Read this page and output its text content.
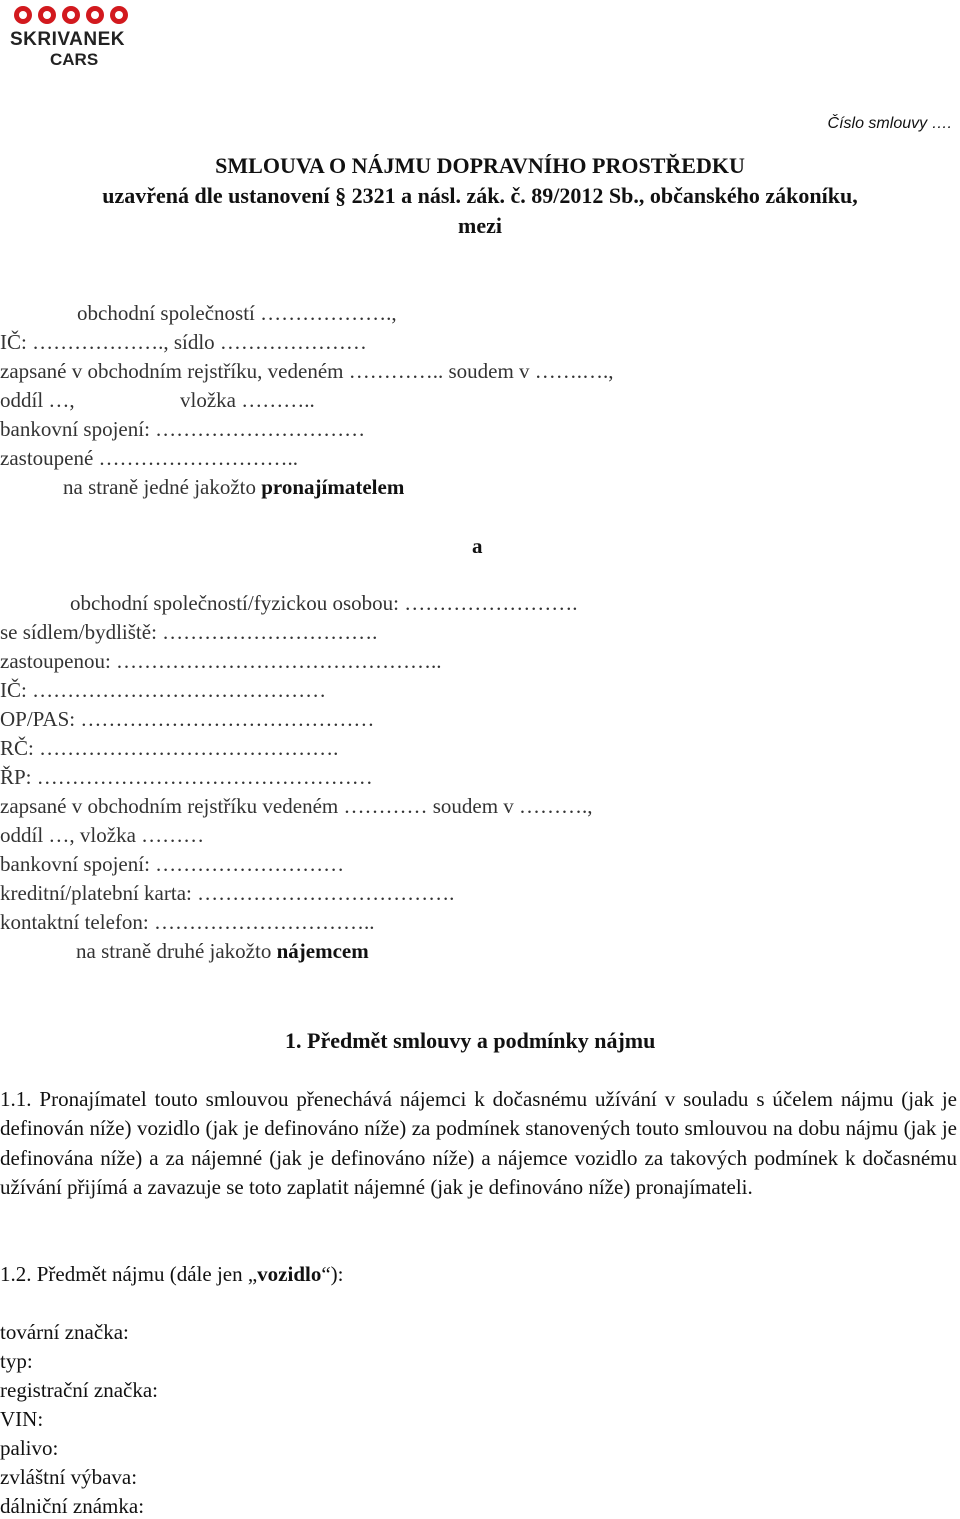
SKRIVANEK
CARS
Číslo smlouvy ….
SMLOUVA O NÁJMU DOPRAVNÍHO PROSTŘEDKU
uzavřená dle ustanovení § 2321 a násl. zák. č. 89/2012 Sb., občanského zákoníku,
mezi
obchodní společností ……………….,
IČ: ………………., sídlo …………………
zapsané v obchodním rejstříku, vedeném ………….. soudem v …….….,
oddíl …,	vložka ………..
bankovní spojení: …………………………
zastoupené ………………………..
na straně jedné jakožto pronajímatelem
a
obchodní společností/fyzickou osobou: …………………….
se sídlem/bydliště: ………………………….
zastoupenou: ………………………………………..
IČ: ……………………………………
OP/PAS: ……………………………………
RČ: …………………………………….
ŘP: …………………………………………
zapsané v obchodním rejstříku vedeném ………… soudem v ……….,
oddíl …, vložka ………
bankovní spojení: ………………………
kreditní/platební karta: ……………………………….
kontaktní telefon: …………………………..
na straně druhé jakožto nájemcem
1. Předmět smlouvy a podmínky nájmu
1.1. Pronajímatel touto smlouvou přenechává nájemci k dočasnému užívání v souladu s účelem nájmu (jak je definován níže) vozidlo (jak je definováno níže) za podmínek stanovených touto smlouvou na dobu nájmu (jak je definována níže) a za nájemné (jak je definováno níže) a nájemce vozidlo za takových podmínek k dočasnému užívání přijímá a zavazuje se toto zaplatit nájemné (jak je definováno níže) pronajímateli.
1.2. Předmět nájmu (dále jen „vozidlo“):
tovární značka:
typ:
registrační značka:
VIN:
palivo:
zvláštní výbava:
dálniční známka:
